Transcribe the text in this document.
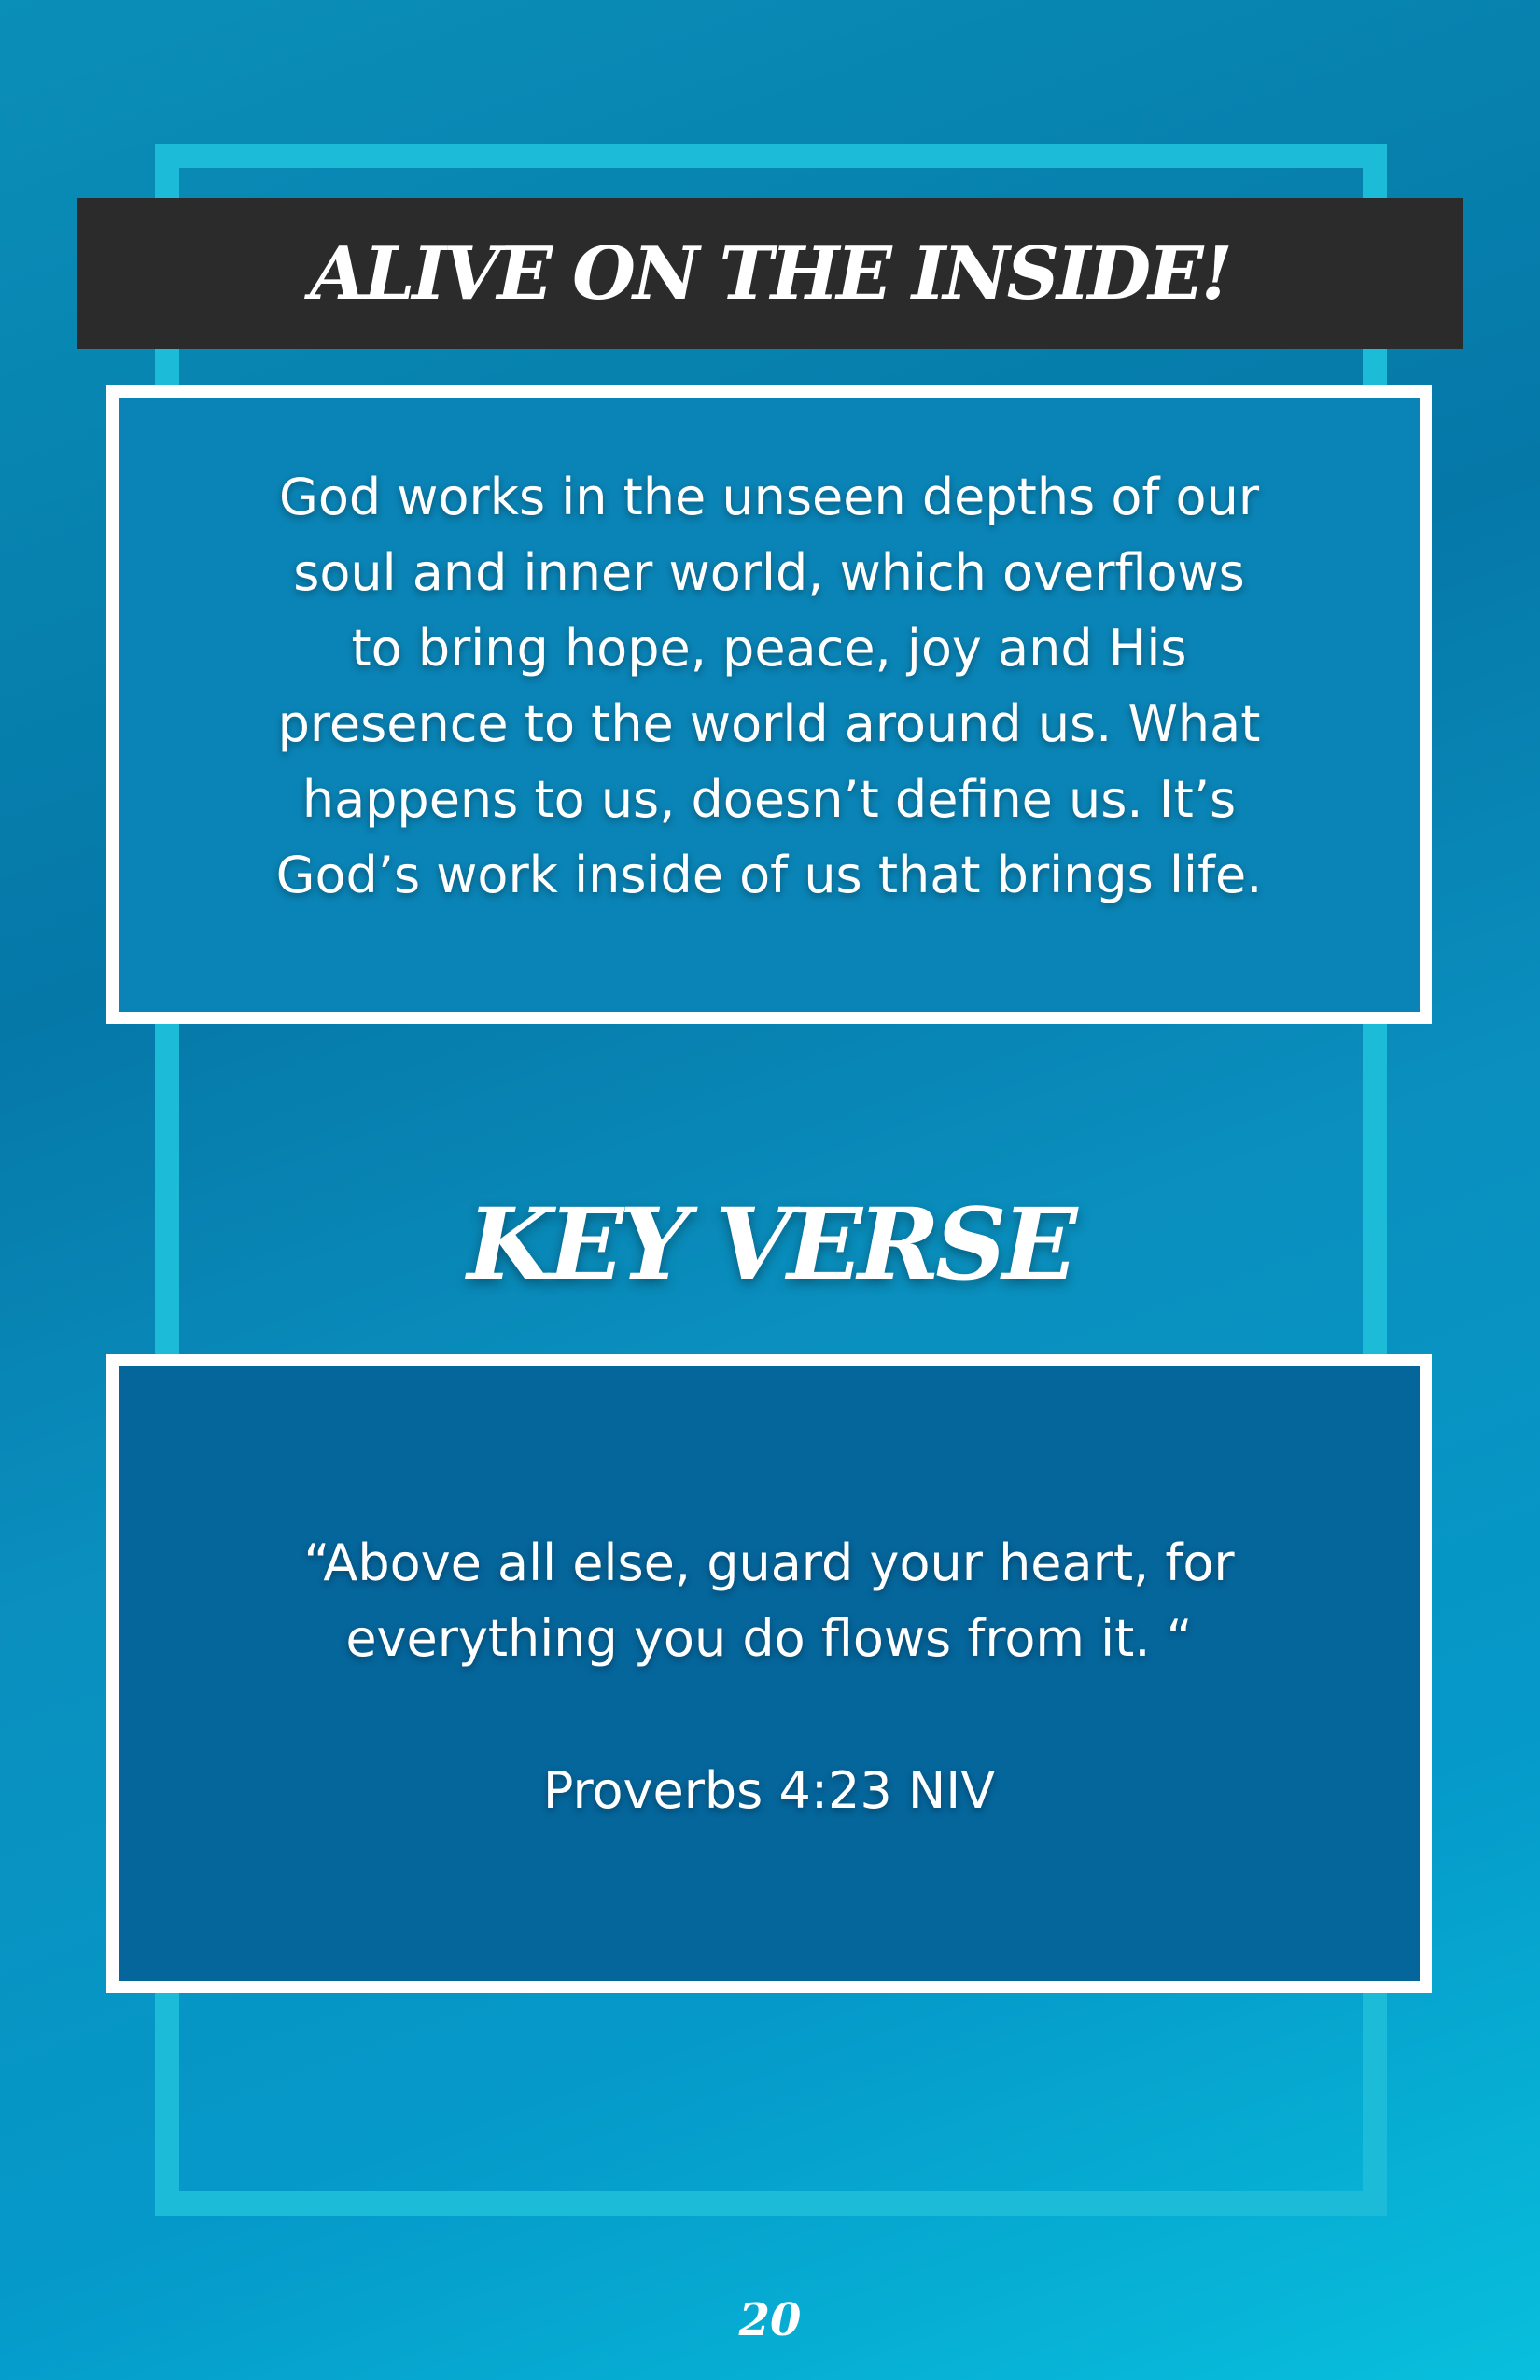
ALIVE ON THE INSIDE!

God works in the unseen depths of our
soul and inner world, which overflows
to bring hope, peace, joy and His
presence to the world around us. What
happens to us, doesn’t define us. It’s
God’s work inside of us that brings life.

KEY VERSE

“Above all else, guard your heart, for
everything you do flows from it. “

Proverbs 4:23 NIV

20
